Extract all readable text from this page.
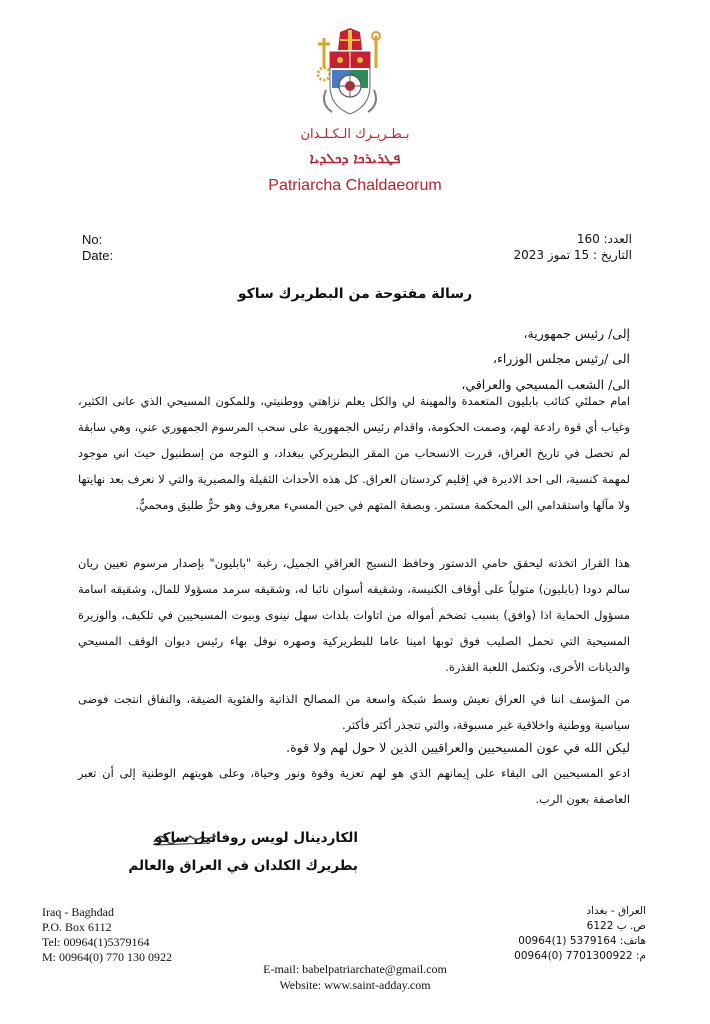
بـطـريـرك الـكـلـدان
ܦܛܪܝܪܟܐ ܕܟܠܕܝܐ
Patriarcha Chaldaeorum
No:
Date:
العدد: 160
التاريخ : 15 تموز 2023
رسالة مفتوحة من البطريرك ساكو
إلى/ رئيس جمهورية،
الى /رئيس مجلس الوزراء،
الى/ الشعب المسيحي والعراقي،
امام حملتَي كتائب بابليون المتعمدة والمهينة لي والكل يعلم نزاهتي ووطنيتي، وللمكون المسيحي الذي عانى الكثير، وغياب أي قوة رادعة لهم، وصمت الحكومة، واقدام رئيس الجمهورية على سحب المرسوم الجمهوري عني، وهي سابقة لم تحصل في تاريخ العراق، قررت الانسحاب من المقر البطريركي ببغداد، و التوجه من إسطنبول حيث اني موجود لمهمة كنسية، الى احد الاديرة في إقليم كردستان العراق. كل هذه الأحداث الثقيلة والمصيرية والتي لا نعرف بعد نهايتها ولا مآلها واستقدامي الى المحكمة مستمر. وبصفة المتهم في حين المسيء معروف وهو حرٌّ طليق ومحميٌّ.
هذا القرار اتخذته ليحقق حامي الدستور وحافظ النسيج العراقي الجميل، رغبة "بابليون" بإصدار مرسوم تعيين ريان سالم دودا (بابليون) متولياً على أوقاف الكنيسة، وشقيقه أسوان نائبا له، وشقيقه سرمد مسؤولا للمال، وشقيقه اسامة مسؤول الحماية اذا (وافق) بسبب تضخم أمواله من اتاوات بلدات سهل نينوى وبيوت المسيحيين في تلكيف، والوزيرة المسيحية التي تحمل الصليب فوق ثوبها امينا عاما للبطريركية وصهره نوفل بهاء رئيس ديوان الوقف المسيحي والديانات الأخرى، وتكتمل اللعبة القذرة.
من المؤسف اننا في العراق نعيش وسط شبكة واسعة من المصالح الذاتية والفئوية الضيقة، والنفاق انتجت فوضى سياسية ووطنية واخلاقية غير مسبوقة، والتي تتجذر أكثر فأكثر.
ليكن الله في عون المسيحيين والعراقيين الذين لا حول لهم ولا قوة.
ادعو المسيحيين الى البقاء على إيمانهم الذي هو لهم تعزية وقوة ونور وحياة، وعلى هويتهم الوطنية إلى أن تعبر العاصفة بعون الرب.
الكاردينال لويس روفائيل ساكو
بطريرك الكلدان في العراق والعالم
Iraq - Baghdad
P.O. Box 6112
Tel: 00964(1)5379164
M: 00964(0) 770 130 0922
العراق - بغداد
ص. ب 6122
هاتف: 5379164 (1)00964
م: 7701300922 (0)00964
E-mail: babelpatriarchate@gmail.com
Website: www.saint-adday.com
